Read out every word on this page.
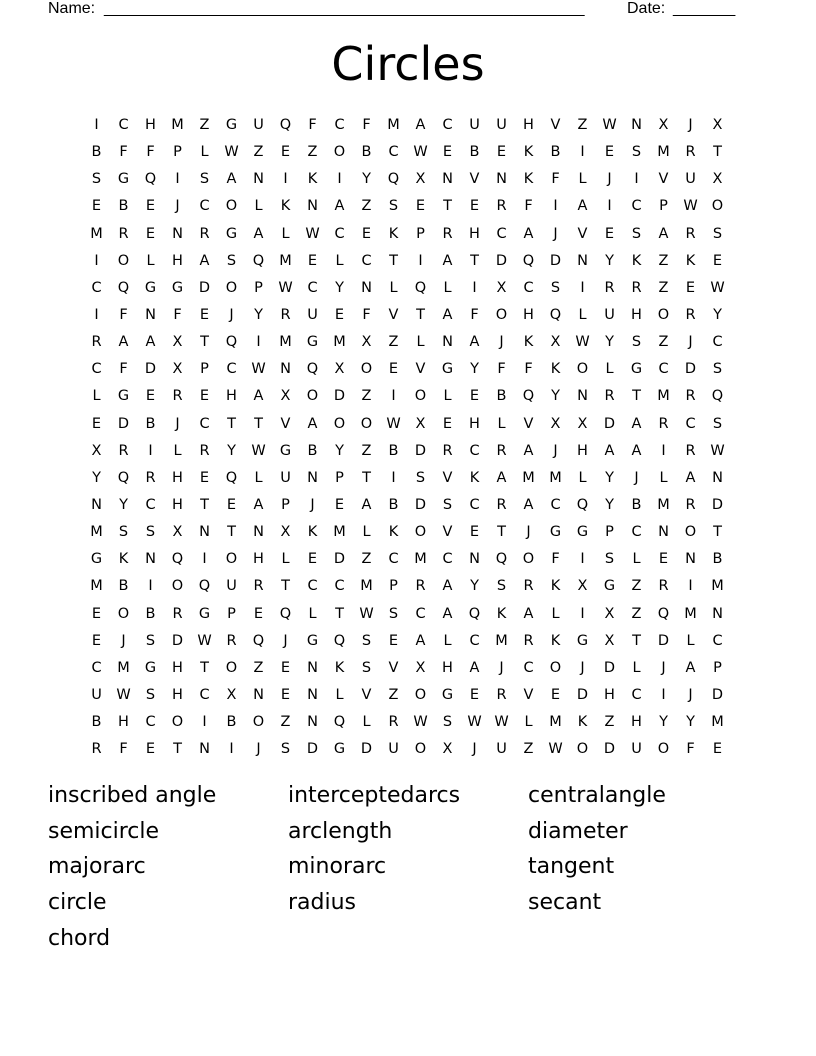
Name: ______________________________________________________	Date: _______
Circles
I	C	H	M	Z	G	U	Q	F	C	F	M	A	C	U	U	H	V	Z	W N	X	J	X
B	F	F	P	L	W	Z	E	Z	O	B	C	W	E	B	E	K	B	I	E	S	M	R	T
S	G	Q	I	S	A	N	I	K	I	Y	Q	X	N	V	N	K	F	L	J	I	V	U	X
E	B	E	J	C	O	L	K	N	A	Z	S	E	T	E	R	F	I	A	I	C	P	W O
M	R	E	N	R	G	A	L	W	C	E	K	P	R	H	C	A	J	V	E	S	A	R	S
I	O	L	H	A	S	Q	M	E	L	C	T	I	A	T	D	Q	D	N	Y	K	Z	K	E
C	Q	G	G	D	O	P	W	C	Y	N	L	Q	L	I	X	C	S	I	R	R	Z	E	W
I	F	N	F	E	J	Y	R	U	E	F	V	T	A	F	O	H	Q	L	U	H	O	R	Y
R	A	A	X	T	Q	I	M	G	M	X	Z	L	N	A	J	K	X	W	Y	S	Z	J	C
C	F	D	X	P	C	W N	Q	X	O	E	V	G	Y	F	F	K	O	L	G	C	D	S
L	G	E	R	E	H	A	X	O	D	Z	I	O	L	E	B	Q	Y	N	R	T	M	R	Q
E	D	B	J	C	T	T	V	A	O	O W	X	E	H	L	V	X	X	D	A	R	C	S
X	R	I	L	R	Y	W G	B	Y	Z	B	D	R	C	R	A	J	H	A	A	I	R	W
Y	Q	R	H	E	Q	L	U	N	P	T	I	S	V	K	A	M M	L	Y	J	L	A	N
N	Y	C	H	T	E	A	P	J	E	A	B	D	S	C	R	A	C	Q	Y	B	M	R	D
M	S	S	X	N	T	N	X	K	M	L	K	O	V	E	T	J	G	G	P	C	N	O	T
G	K	N	Q	I	O	H	L	E	D	Z	C	M	C	N	Q	O	F	I	S	L	E	N	B
M	B	I	O	Q	U	R	T	C	C	M	P	R	A	Y	S	R	K	X	G	Z	R	I	M
E	O	B	R	G	P	E	Q	L	T	W	S	C	A	Q	K	A	L	I	X	Z	Q	M	N
E	J	S	D W	R	Q	J	G	Q	S	E	A	L	C	M	R	K	G	X	T	D	L	C
C	M	G	H	T	O	Z	E	N	K	S	V	X	H	A	J	C	O	J	D	L	J	A	P
U	W	S	H	C	X	N	E	N	L	V	Z	O	G	E	R	V	E	D	H	C	I	J	D
B	H	C	O	I	B	O	Z	N	Q	L	R	W	S	W W	L	M	K	Z	H	Y	Y	M
R	F	E	T	N	I	J	S	D	G	D	U	O	X	J	U	Z	W O	D	U	O	F	E
inscribed angle	interceptedarcs	centralangle
semicircle	arclength	diameter
majorarc	minorarc	tangent
circle	radius	secant
chord
